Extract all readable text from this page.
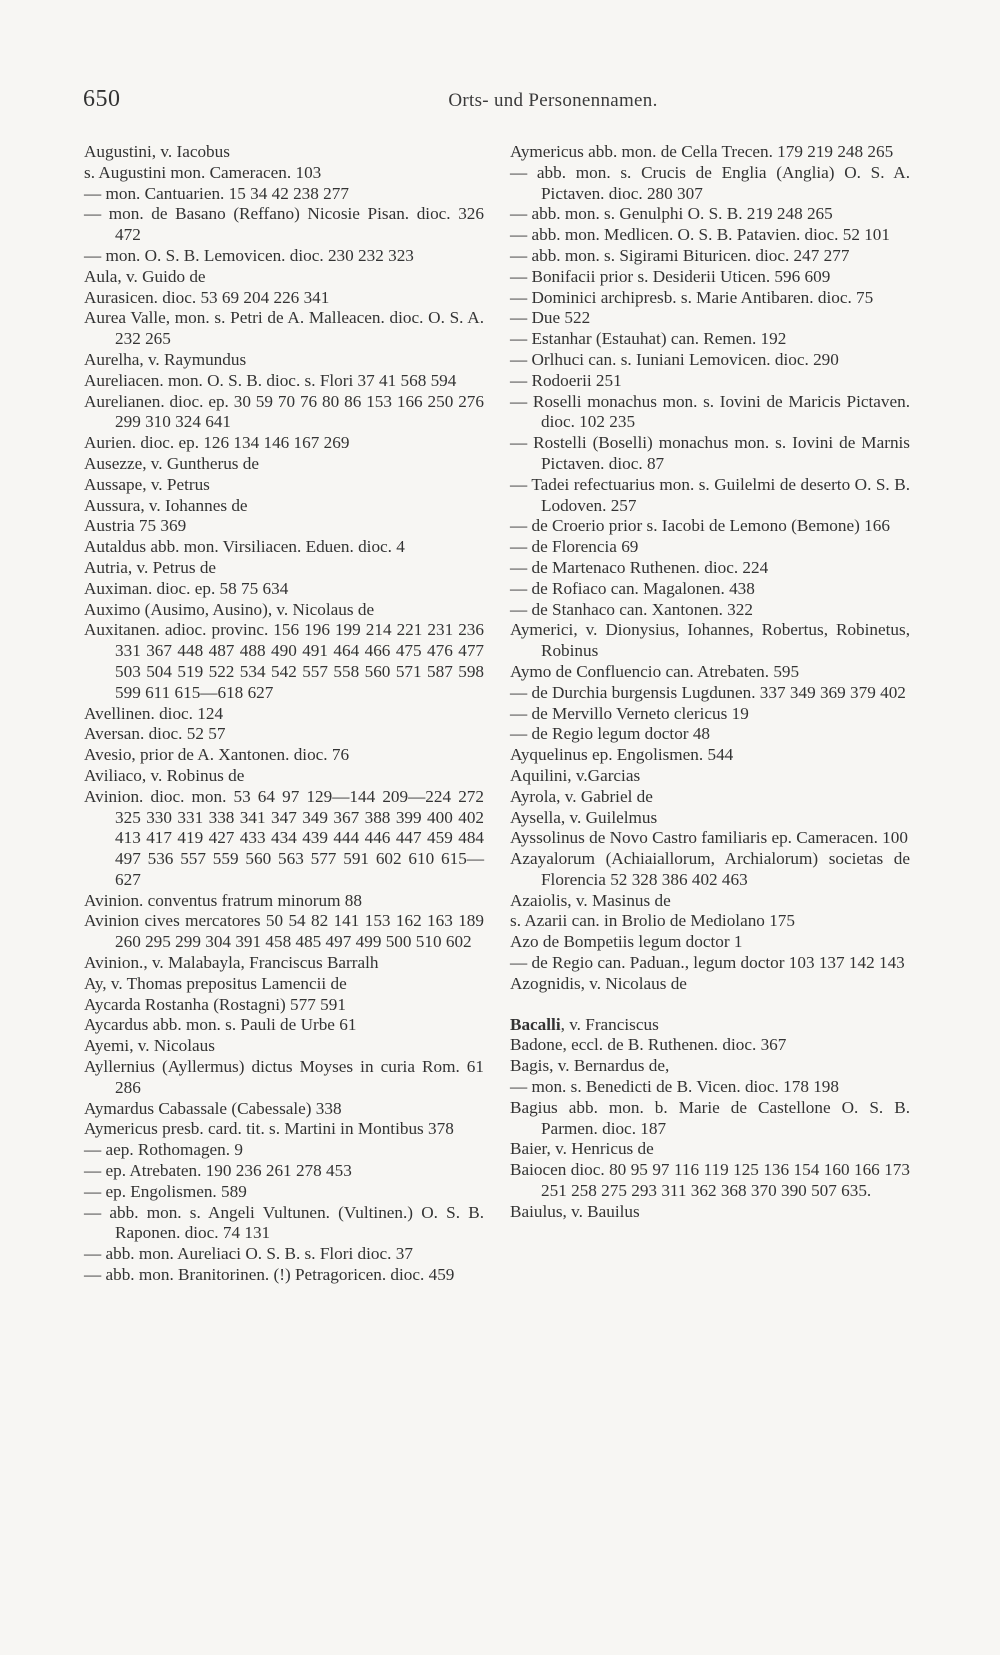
650	Orts- und Personennamen.
Augustini, v. Iacobus
s. Augustini mon. Cameracen. 103
— mon. Cantuarien. 15 34 42 238 277
— mon. de Basano (Reffano) Nicosie Pisan. dioc. 326 472
— mon. O. S. B. Lemovicen. dioc. 230 232 323
Aula, v. Guido de
Aurasicen. dioc. 53 69 204 226 341
Aurea Valle, mon. s. Petri de A. Malleacen. dioc. O. S. A. 232 265
Aurelha, v. Raymundus
Aureliacen. mon. O. S. B. dioc. s. Flori 37 41 568 594
Aurelianen. dioc. ep. 30 59 70 76 80 86 153 166 250 276 299 310 324 641
Aurien. dioc. ep. 126 134 146 167 269
Ausezze, v. Guntherus de
Aussape, v. Petrus
Aussura, v. Iohannes de
Austria 75 369
Autaldus abb. mon. Virsiliacen. Eduen. dioc. 4
Autria, v. Petrus de
Auximan. dioc. ep. 58 75 634
Auximo (Ausimo, Ausino), v. Nicolaus de
Auxitanen. adioc. provinc. 156 196 199 214 221 231 236 331 367 448 487 488 490 491 464 466 475 476 477 503 504 519 522 534 542 557 558 560 571 587 598 599 611 615—618 627
Avellinen. dioc. 124
Aversan. dioc. 52 57
Avesio, prior de A. Xantonen. dioc. 76
Aviliaco, v. Robinus de
Avinion. dioc. mon. 53 64 97 129—144 209—224 272 325 330 331 338 341 347 349 367 388 399 400 402 413 417 419 427 433 434 439 444 446 447 459 484 497 536 557 559 560 563 577 591 602 610 615—627
Avinion. conventus fratrum minorum 88
Avinion cives mercatores 50 54 82 141 153 162 163 189 260 295 299 304 391 458 485 497 499 500 510 602
Avinion., v. Malabayla, Franciscus Barralh
Ay, v. Thomas prepositus Lamencii de
Aycarda Rostanha (Rostagni) 577 591
Aycardus abb. mon. s. Pauli de Urbe 61
Ayemi, v. Nicolaus
Ayllernius (Ayllermus) dictus Moyses in curia Rom. 61 286
Aymardus Cabassale (Cabessale) 338
Aymericus presb. card. tit. s. Martini in Montibus 378
— aep. Rothomagen. 9
— ep. Atrebaten. 190 236 261 278 453
— ep. Engolismen. 589
— abb. mon. s. Angeli Vultunen. (Vultinen.) O. S. B. Raponen. dioc. 74 131
— abb. mon. Aureliaci O. S. B. s. Flori dioc. 37
— abb. mon. Branitorinen. (!) Petragoricen. dioc. 459
Aymericus abb. mon. de Cella Trecen. 179 219 248 265
— abb. mon. s. Crucis de Englia (Anglia) O. S. A. Pictaven. dioc. 280 307
— abb. mon. s. Genulphi O. S. B. 219 248 265
— abb. mon. Medlicen. O. S. B. Patavien. dioc. 52 101
— abb. mon. s. Sigirami Bituricen. dioc. 247 277
— Bonifacii prior s. Desiderii Uticen. 596 609
— Dominici archipresb. s. Marie Antibaren. dioc. 75
— Due 522
— Estanhar (Estauhat) can. Remen. 192
— Orlhuci can. s. Iuniani Lemovicen. dioc. 290
— Rodoerii 251
— Roselli monachus mon. s. Iovini de Maricis Pictaven. dioc. 102 235
— Rostelli (Boselli) monachus mon. s. Iovini de Marnis Pictaven. dioc. 87
— Tadei refectuarius mon. s. Guilelmi de deserto O. S. B. Lodoven. 257
— de Croerio prior s. Iacobi de Lemono (Bemone) 166
— de Florencia 69
— de Martenaco Ruthenen. dioc. 224
— de Rofiaco can. Magalonen. 438
— de Stanhaco can. Xantonen. 322
Aymerici, v. Dionysius, Iohannes, Robertus, Robinetus, Robinus
Aymo de Confluencio can. Atrebaten. 595
— de Durchia burgensis Lugdunen. 337 349 369 379 402
— de Mervillo Verneto clericus 19
— de Regio legum doctor 48
Ayquelinus ep. Engolismen. 544
Aquilini, v.Garcias
Ayrola, v. Gabriel de
Aysella, v. Guilelmus
Ayssolinus de Novo Castro familiaris ep. Cameracen. 100
Azayalorum (Achiaiallorum, Archialorum) societas de Florencia 52 328 386 402 463
Azaiolis, v. Masinus de
s. Azarii can. in Brolio de Mediolano 175
Azo de Bompetiis legum doctor 1
— de Regio can. Paduan., legum doctor 103 137 142 143
Azognidis, v. Nicolaus de
Bacalli, v. Franciscus
Badone, eccl. de B. Ruthenen. dioc. 367
Bagis, v. Bernardus de,
— mon. s. Benedicti de B. Vicen. dioc. 178 198
Bagius abb. mon. b. Marie de Castellone O. S. B. Parmen. dioc. 187
Baier, v. Henricus de
Baiocen dioc. 80 95 97 116 119 125 136 154 160 166 173 251 258 275 293 311 362 368 370 390 507 635.
Baiulus, v. Bauilus
